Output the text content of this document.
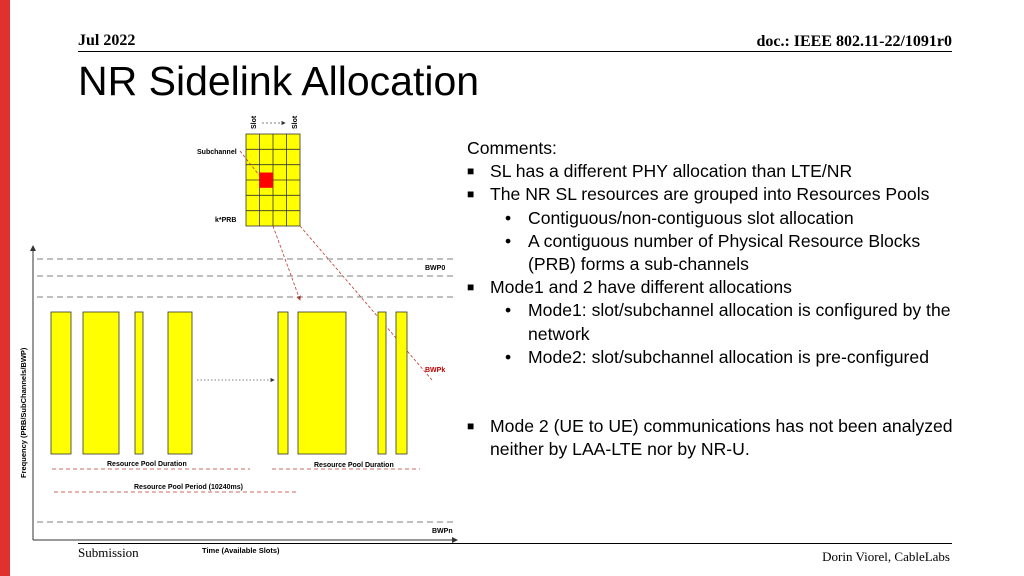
Jul 2022	doc.: IEEE 802.11-22/1091r0
NR Sidelink Allocation
Slot	Slot
Subchannel
k*PRB
Frequency (PRB/SubChannels/BWP)
Time (Available Slots)
BWP0
BWPk
BWPn
Resource Pool Duration	Resource Pool Duration
Resource Pool Period (10240ms)
Comments:
■ SL has a different PHY allocation than LTE/NR
■ The NR SL resources are grouped into Resources Pools
• Contiguous/non-contiguous slot allocation
• A contiguous number of Physical Resource Blocks
(PRB) forms a sub-channels
■ Mode1 and 2 have different allocations
• Mode1: slot/subchannel allocation is configured by the
network
• Mode2: slot/subchannel allocation is pre-configured
■ Mode 2 (UE to UE) communications has not been analyzed
neither by LAA-LTE nor by NR-U.
Submission	Dorin Viorel, CableLabs
